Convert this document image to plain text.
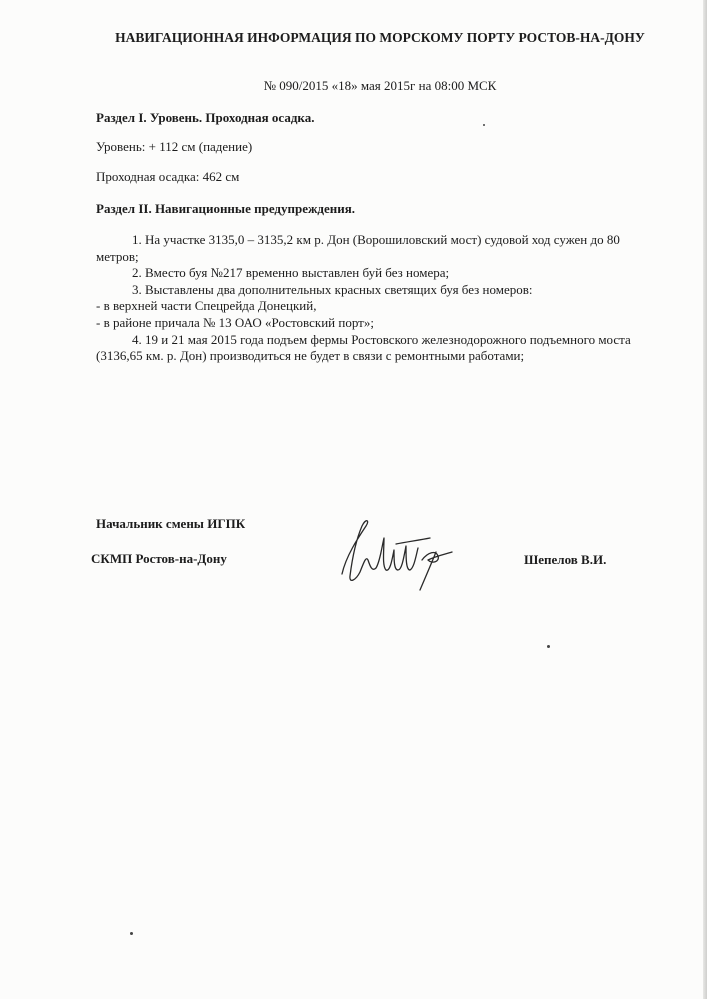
НАВИГАЦИОННАЯ ИНФОРМАЦИЯ ПО МОРСКОМУ ПОРТУ РОСТОВ-НА-ДОНУ
№ 090/2015 «18» мая 2015г на 08:00 МСК
Раздел I. Уровень. Проходная осадка.
Уровень: + 112 см (падение)
Проходная осадка: 462 см
Раздел II. Навигационные предупреждения.
1. На участке 3135,0 – 3135,2 км р. Дон (Ворошиловский мост) судовой ход сужен до 80 метров;
2. Вместо буя №217 временно выставлен буй без номера;
3. Выставлены два дополнительных красных светящих буя без номеров:
- в верхней части Спецрейда Донецкий,
- в районе причала № 13 ОАО «Ростовский порт»;
4. 19 и 21 мая 2015 года подъем фермы Ростовского железнодорожного подъемного моста (3136,65 км. р. Дон) производиться не будет в связи с ремонтными работами;
Начальник смены ИГПК
СКМП Ростов-на-Дону	Шепелов В.И.
